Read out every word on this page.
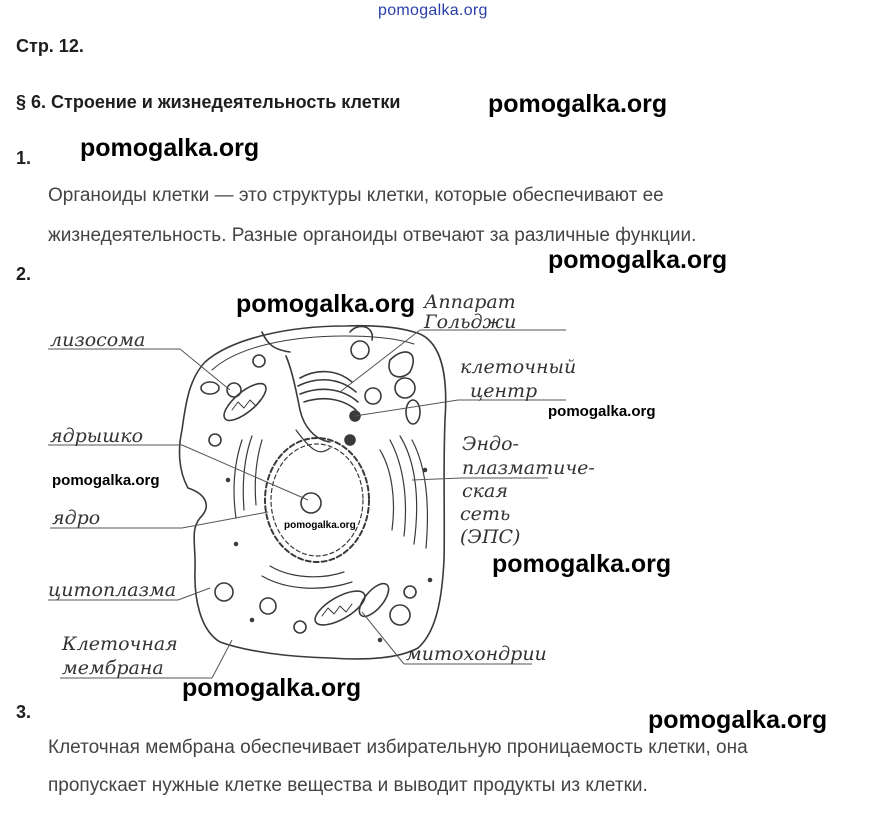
pomogalka.org
Стр. 12.
§ 6. Строение и жизнедеятельность клетки
1.
Органоиды клетки — это структуры клетки, которые обеспечивают ее
жизнедеятельность. Разные органоиды отвечают за различные функции.
2.
Аппарат
Гольджи
лизосома
клеточный
центр
ядрышко	Эндо-
плазматиче-
ская
сеть
(ЭПС)
ядро
цитоплазма
Клеточная
мембрана
митохондрии
3.
Клеточная мембрана обеспечивает избирательную проницаемость клетки, она
пропускает нужные клетке вещества и выводит продукты из клетки.
pomogalka.org
pomogalka.org
pomogalka.org
pomogalka.org
pomogalka.org
pomogalka.org
pomogalka.org
pomogalka.org
pomogalka.org
pomogalka.org
